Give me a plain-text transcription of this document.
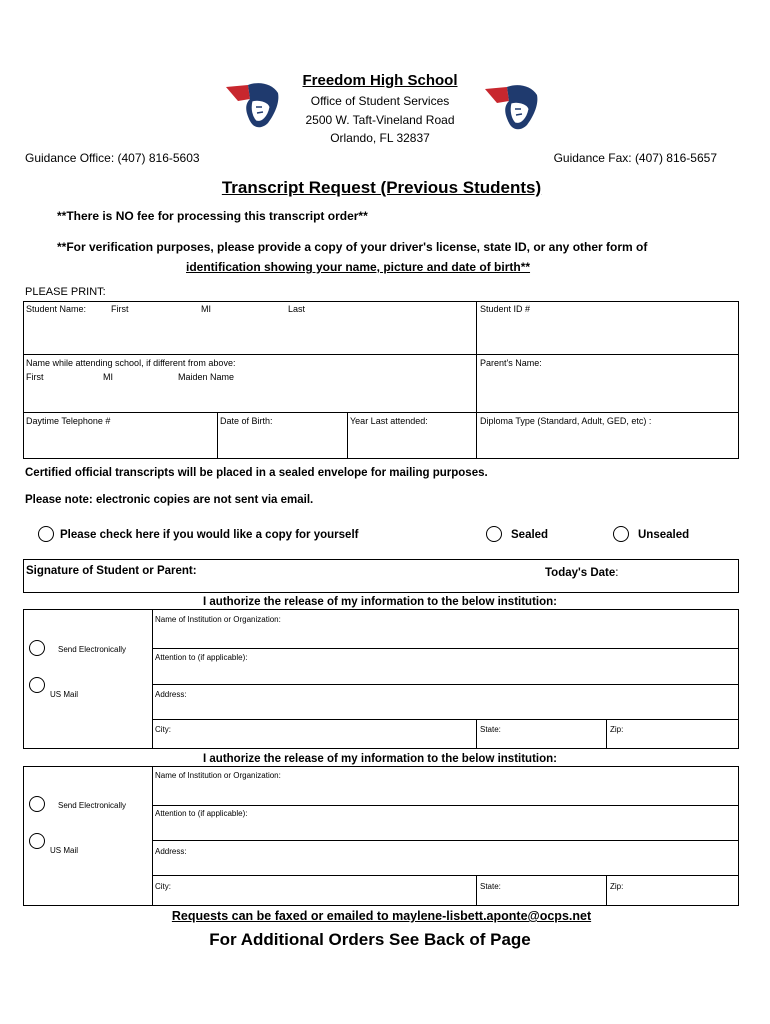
Freedom High School
Office of Student Services
2500 W. Taft-Vineland Road
Orlando, FL 32837
Guidance Office: (407) 816-5603	Guidance Fax: (407) 816-5657
Transcript Request (Previous Students)
**There is NO fee for processing this transcript order**
**For verification purposes, please provide a copy of your driver's license, state ID, or any other form of
identification showing your name, picture and date of birth**
PLEASE PRINT:
Student Name:	First	MI	Last	Student ID #
Name while attending school, if different from above:
First	MI	Maiden Name
Parent's Name:
Daytime Telephone #	Date of Birth:	Year Last attended:	Diploma Type (Standard, Adult, GED, etc) :
Certified official transcripts will be placed in a sealed envelope for mailing purposes.
Please note: electronic copies are not sent via email.
Please check here if you would like a copy for yourself	Sealed	Unsealed
Signature of Student or Parent:	Today's Date:
I authorize the release of my information to the below institution:
Send Electronically
US Mail
Name of Institution or Organization:
Attention to (if applicable):
Address:
City:	State:	Zip:
I authorize the release of my information to the below institution:
Send Electronically
US Mail
Name of Institution or Organization:
Attention to (if applicable):
Address:
City:	State:	Zip:
Requests can be faxed or emailed to maylene-lisbett.aponte@ocps.net
For Additional Orders See Back of Page
